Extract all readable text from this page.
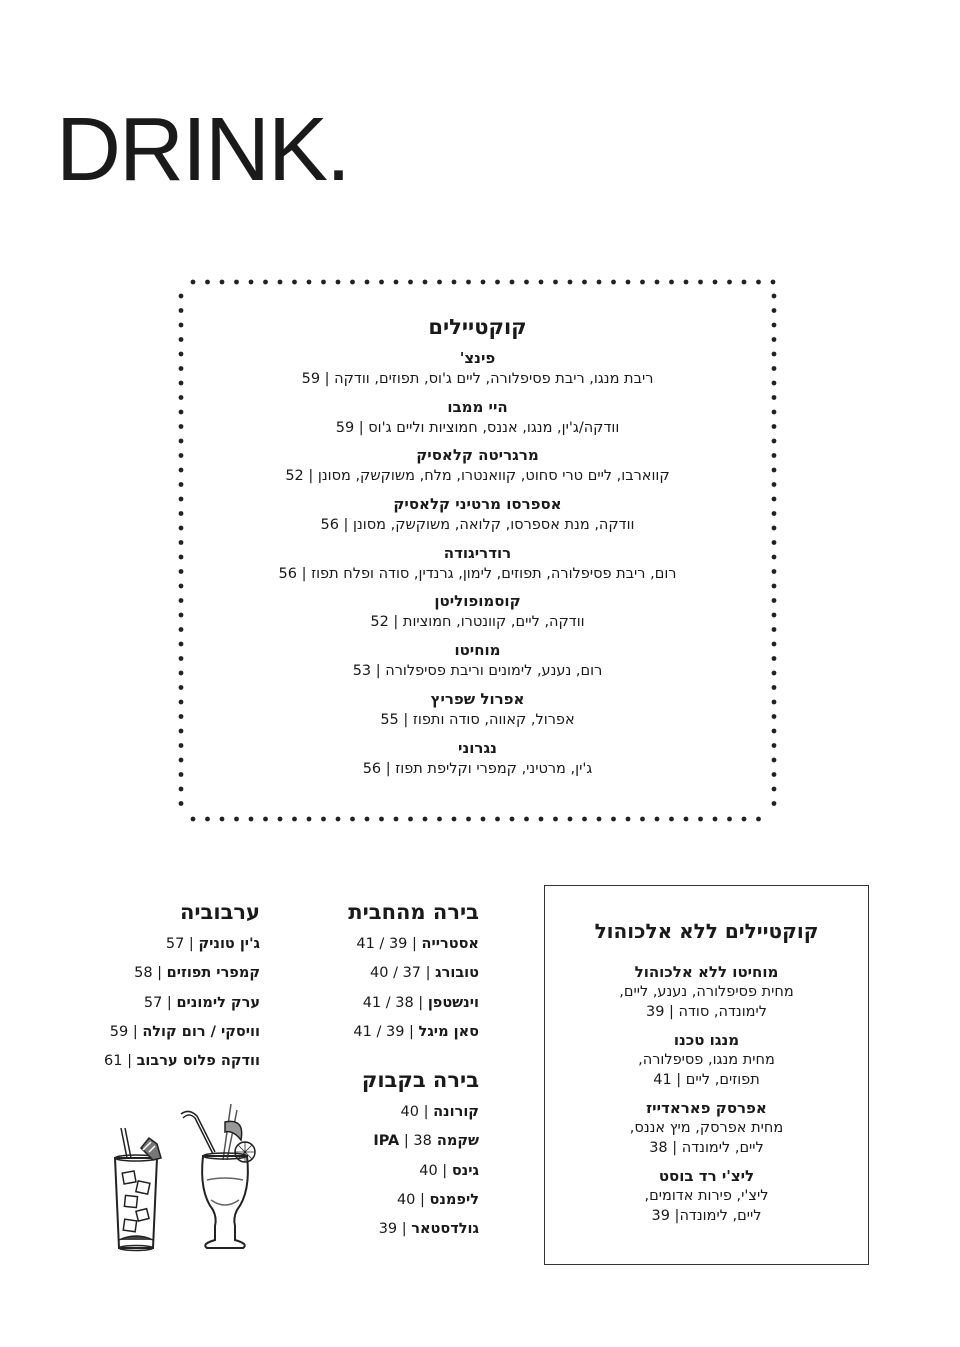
DRINK.
קוקטיילים
פינצ'
ריבת מנגו, ריבת פסיפלורה, ליים ג'וס, תפוזים, וודקה | 59
היי ממבו
וודקה/ג'ין, מנגו, אננס, חמוציות וליים ג'וס | 59
מרגריטה קלאסיק
קווארבו, ליים טרי סחוט, קוואנטרו, מלח, משוקשק, מסונן | 52
אספרסו מרטיני קלאסיק
וודקה, מנת אספרסו, קלואה, משוקשק, מסונן | 56
רודריגודה
רום, ריבת פסיפלורה, תפוזים, לימון, גרנדין, סודה ופלח תפוז | 56
קוסמופוליטן
וודקה, ליים, קוונטרו, חמוציות | 52
מוחיטו
רום, נענע, לימונים וריבת פסיפלורה | 53
אפרול שפריץ
אפרול, קאווה, סודה ותפוז | 55
נגרוני
ג'ין, מרטיני, קמפרי וקליפת תפוז | 56
ערבוביה
ג'ין טוניק | 57
קמפרי תפוזים | 58
ערק לימונים | 57
וויסקי / רום קולה | 59
וודקה פלוס ערבוב | 61
בירה מהחבית
אסטרייה | 39 / 41
טובורג | 37 / 40
וינשטפן | 38 / 41
סאן מיגל | 39 / 41
בירה בקבוק
קורונה | 40
שקמה IPA | 38
גינס | 40
ליפמנס | 40
גולדסטאר | 39
קוקטיילים ללא אלכוהול
מוחיטו ללא אלכוהול
מחית פסיפלורה, נענע, ליים,
לימונדה, סודה | 39
מנגו טכנו
מחית מנגו, פסיפלורה,
תפוזים, ליים | 41
אפרסק פאראדייז
מחית אפרסק, מיץ אננס,
ליים, לימונדה | 38
ליצ'י רד בוסט
ליצ'י, פירות אדומים,
ליים, לימונדה| 39
